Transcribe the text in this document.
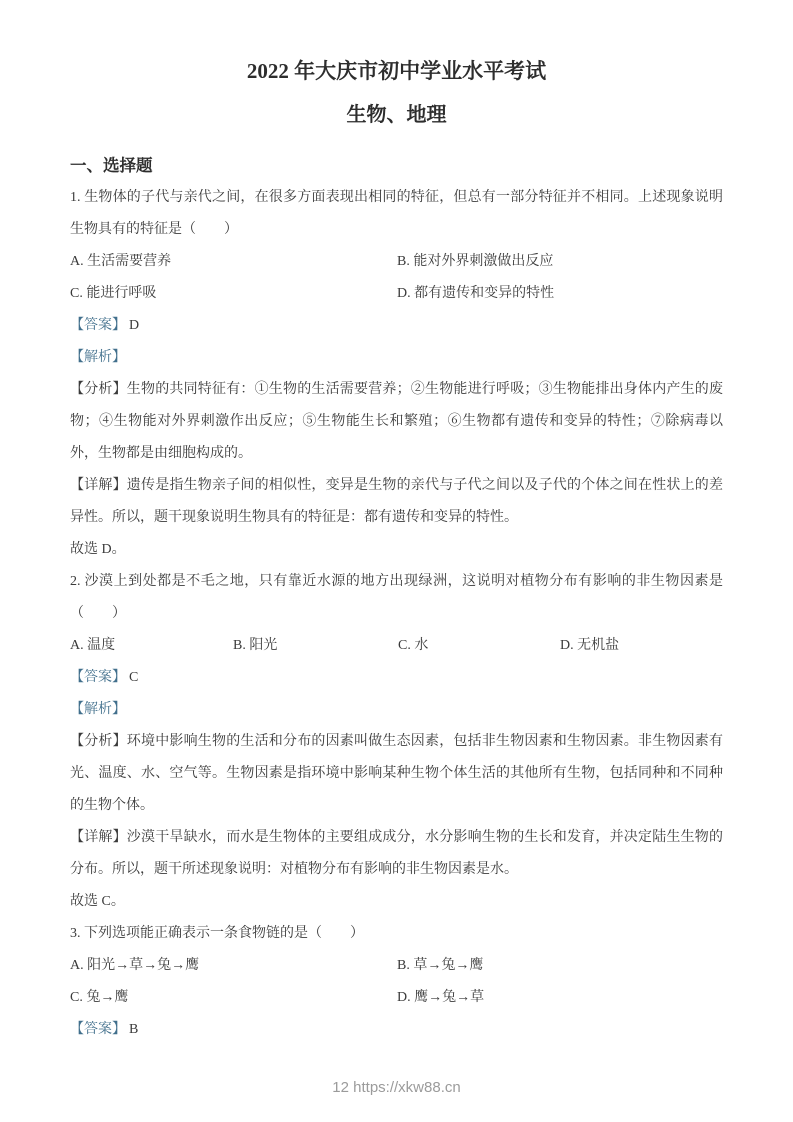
2022 年大庆市初中学业水平考试
生物、地理
一、选择题

1. 生物体的子代与亲代之间，在很多方面表现出相同的特征，但总有一部分特征并不相同。上述现象说明生物具有的特征是（　　）

A. 生活需要营养	B. 能对外界刺激做出反应
C. 能进行呼吸	D. 都有遗传和变异的特性

【答案】 D

【解析】

【分析】生物的共同特征有：①生物的生活需要营养；②生物能进行呼吸；③生物能排出身体内产生的废物；④生物能对外界刺激作出反应；⑤生物能生长和繁殖；⑥生物都有遗传和变异的特性；⑦除病毒以外，生物都是由细胞构成的。

【详解】遗传是指生物亲子间的相似性，变异是生物的亲代与子代之间以及子代的个体之间在性状上的差异性。所以，题干现象说明生物具有的特征是：都有遗传和变异的特性。

故选 D。

2. 沙漠上到处都是不毛之地，只有靠近水源的地方出现绿洲，这说明对植物分布有影响的非生物因素是（　　）

A. 温度	B. 阳光	C. 水	D. 无机盐

【答案】 C

【解析】

【分析】环境中影响生物的生活和分布的因素叫做生态因素，包括非生物因素和生物因素。非生物因素有光、温度、水、空气等。生物因素是指环境中影响某种生物个体生活的其他所有生物，包括同种和不同种的生物个体。

【详解】沙漠干旱缺水，而水是生物体的主要组成成分，水分影响生物的生长和发育，并决定陆生生物的分布。所以，题干所述现象说明：对植物分布有影响的非生物因素是水。

故选 C。

3. 下列选项能正确表示一条食物链的是（　　）

A. 阳光→草→兔→鹰	B. 草→兔→鹰
C. 兔→鹰	D. 鹰→兔→草

【答案】 B

12 https://xkw88.cn
